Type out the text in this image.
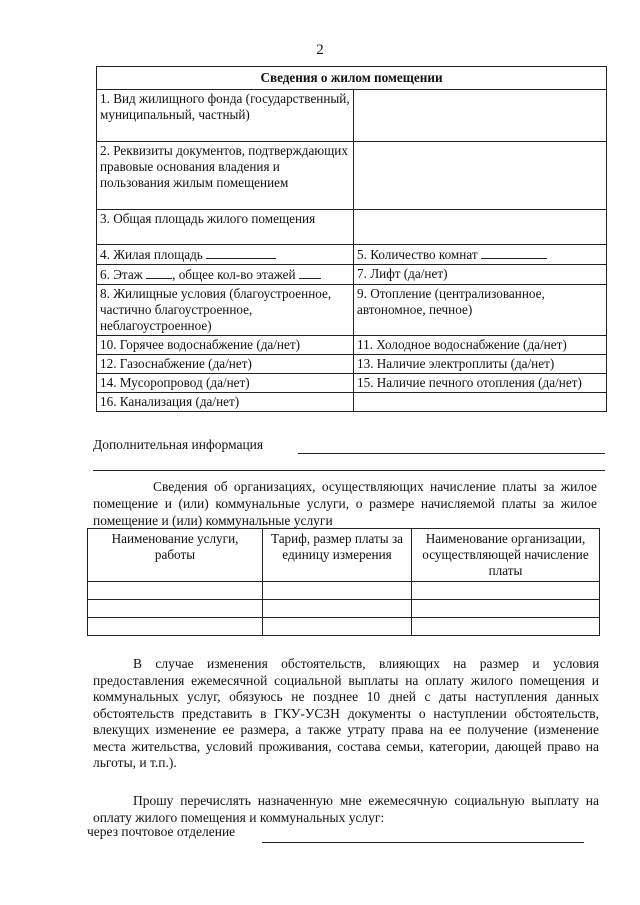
2
Сведения о жилом помещении	
1. Вид жилищного фонда (государственный, муниципальный, частный)	
2. Реквизиты документов, подтверждающих правовые основания владения и пользования жилым помещением	
3. Общая площадь жилого помещения	
4. Жилая площадь	5. Количество комнат
6. Этаж , общее кол-во этажей	7. Лифт (да/нет)
8. Жилищные условия (благоустроенное, частично благоустроенное, неблагоустроенное)	9. Отопление (централизованное, автономное, печное)
10. Горячее водоснабжение (да/нет)	11. Холодное водоснабжение (да/нет)
12. Газоснабжение (да/нет)	13. Наличие электроплиты (да/нет)
14. Мусоропровод (да/нет)	15. Наличие печного отопления (да/нет)
16. Канализация (да/нет)	
Дополнительная информация
Сведения об организациях, осуществляющих начисление платы за жилое помещение и (или) коммунальные услуги, о размере начисляемой платы за жилое помещение и (или) коммунальные услуги
Наименование услуги, работы	Тариф, размер платы за единицу измерения	Наименование организации, осуществляющей начисление платы

В случае изменения обстоятельств, влияющих на размер и условия предоставления ежемесячной социальной выплаты на оплату жилого помещения и коммунальных услуг, обязуюсь не позднее 10 дней с даты наступления данных обстоятельств представить в ГКУ-УСЗН документы о наступлении обстоятельств, влекущих изменение ее размера, а также утрату права на ее получение (изменение места жительства, условий проживания, состава семьи, категории, дающей право на льготы, и т.п.).
Прошу перечислять назначенную мне ежемесячную социальную выплату на оплату жилого помещения и коммунальных услуг:
через почтовое отделение
